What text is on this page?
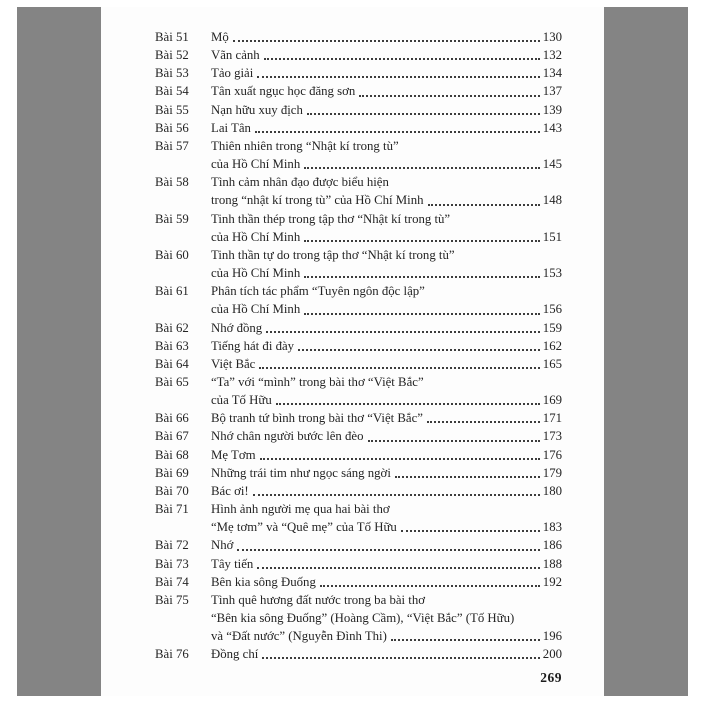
Bài 51	Mộ	130
Bài 52	Vãn cảnh	132
Bài 53	Tảo giải	134
Bài 54	Tân xuất ngục học đăng sơn	137
Bài 55	Nạn hữu xuy địch	139
Bài 56	Lai Tân	143
Bài 57	Thiên nhiên trong “Nhật kí trong tù”
của Hồ Chí Minh	145
Bài 58	Tình cảm nhân đạo được biểu hiện
trong “nhật kí trong tù” của Hồ Chí Minh	148
Bài 59	Tinh thần thép trong tập thơ “Nhật kí trong tù”
của Hồ Chí Minh	151
Bài 60	Tinh thần tự do trong tập thơ “Nhật kí trong tù”
của Hồ Chí Minh	153
Bài 61	Phân tích tác phẩm “Tuyên ngôn độc lập”
của Hồ Chí Minh	156
Bài 62	Nhớ đồng	159
Bài 63	Tiếng hát đi đày	162
Bài 64	Việt Bắc	165
Bài 65	“Ta” với “mình” trong bài thơ “Việt Bắc”
của Tố Hữu	169
Bài 66	Bộ tranh tứ bình trong bài thơ “Việt Bắc”	171
Bài 67	Nhớ chân người bước lên đèo	173
Bài 68	Mẹ Tơm	176
Bài 69	Những trái tim như ngọc sáng ngời	179
Bài 70	Bác ơi!	180
Bài 71	Hình ảnh người mẹ qua hai bài thơ
“Mẹ tơm” và “Quê mẹ” của Tố Hữu	183
Bài 72	Nhớ	186
Bài 73	Tây tiến	188
Bài 74	Bên kia sông Đuống	192
Bài 75	Tình quê hương đất nước trong ba bài thơ
“Bên kia sông Đuống” (Hoàng Cầm), “Việt Bắc” (Tố Hữu)
và “Đất nước” (Nguyễn Đình Thi)	196
Bài 76	Đồng chí	200
269
